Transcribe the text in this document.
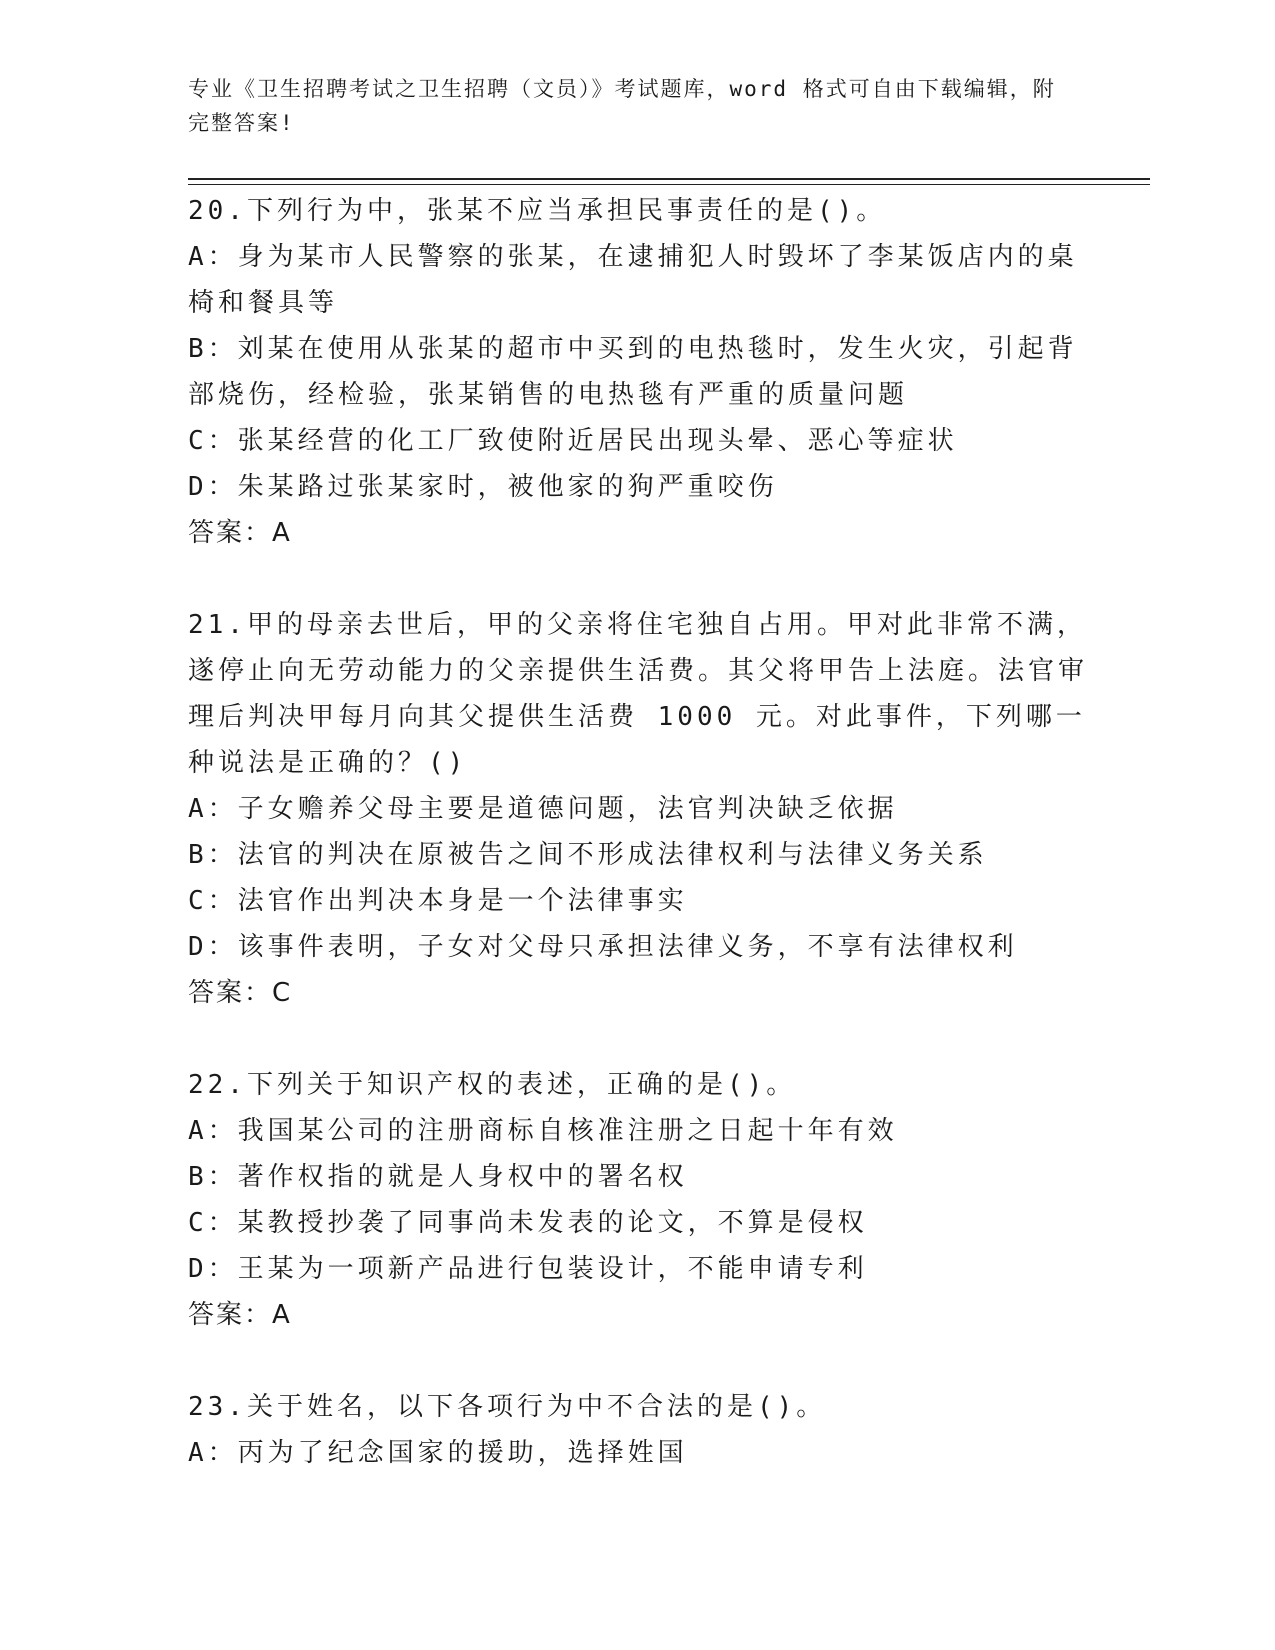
专业《卫生招聘考试之卫生招聘（文员）》考试题库，word 格式可自由下载编辑，附完整答案!

20.下列行为中，张某不应当承担民事责任的是()。

A：身为某市人民警察的张某，在逮捕犯人时毁坏了李某饭店内的桌椅和餐具等

B：刘某在使用从张某的超市中买到的电热毯时，发生火灾，引起背部烧伤，经检验，张某销售的电热毯有严重的质量问题

C：张某经营的化工厂致使附近居民出现头晕、恶心等症状

D：朱某路过张某家时，被他家的狗严重咬伤

答案：A

21.甲的母亲去世后，甲的父亲将住宅独自占用。甲对此非常不满，遂停止向无劳动能力的父亲提供生活费。其父将甲告上法庭。法官审理后判决甲每月向其父提供生活费 1000 元。对此事件，下列哪一种说法是正确的？()

A：子女赡养父母主要是道德问题，法官判决缺乏依据

B：法官的判决在原被告之间不形成法律权利与法律义务关系

C：法官作出判决本身是一个法律事实

D：该事件表明，子女对父母只承担法律义务，不享有法律权利

答案：C

22.下列关于知识产权的表述，正确的是()。

A：我国某公司的注册商标自核准注册之日起十年有效

B：著作权指的就是人身权中的署名权

C：某教授抄袭了同事尚未发表的论文，不算是侵权

D：王某为一项新产品进行包装设计，不能申请专利

答案：A

23.关于姓名，以下各项行为中不合法的是()。

A：丙为了纪念国家的援助，选择姓国
